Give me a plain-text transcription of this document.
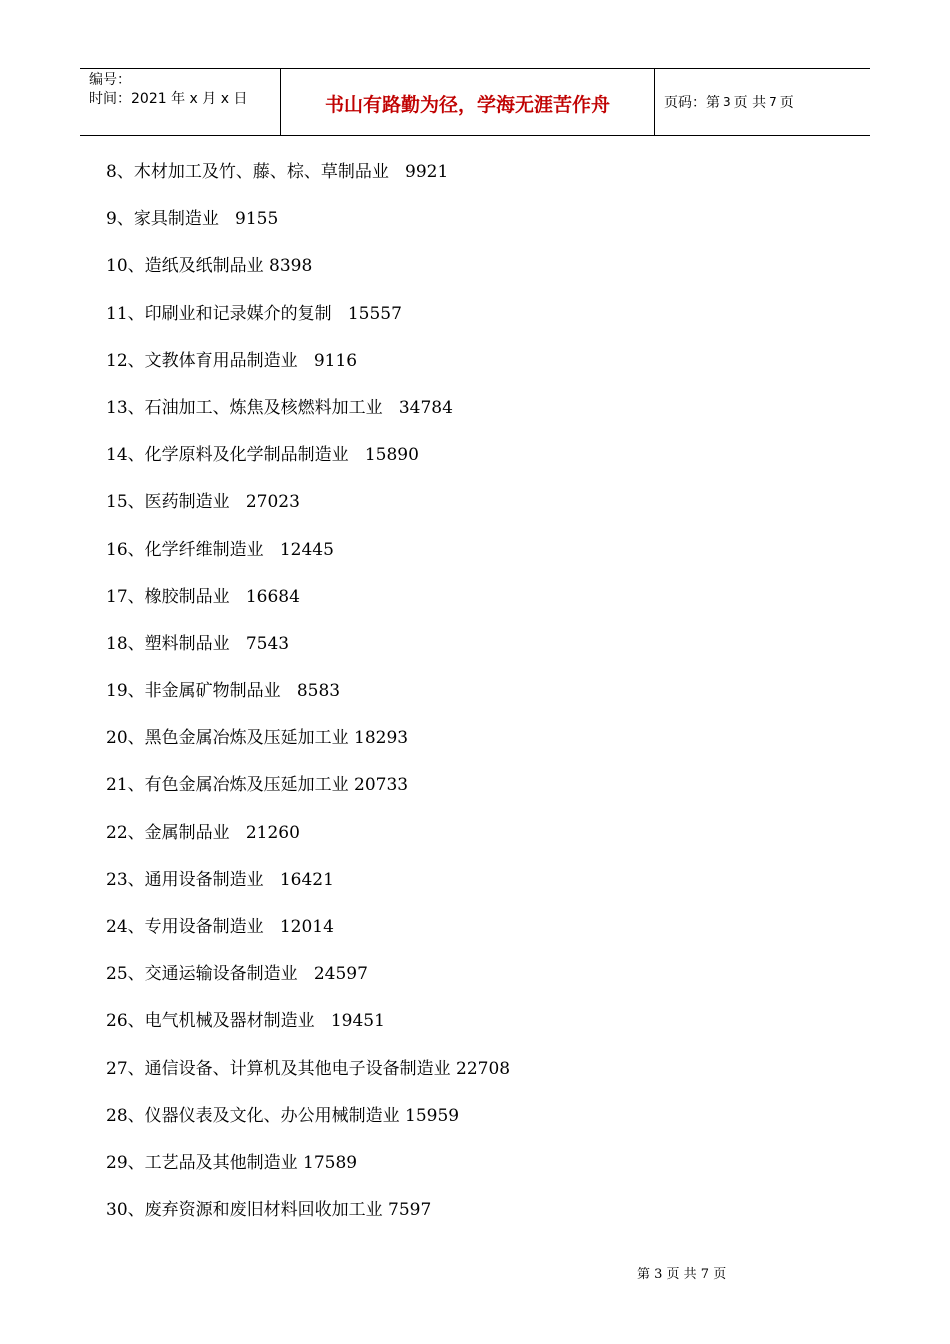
编号：
时间：2021 年 x 月 x 日	书山有路勤为径，学海无涯苦作舟	页码：第 3 页 共 7 页
8、木材加工及竹、藤、棕、草制品业   9921
9、家具制造业   9155
10、造纸及纸制品业 8398
11、印刷业和记录媒介的复制   15557
12、文教体育用品制造业   9116
13、石油加工、炼焦及核燃料加工业   34784
14、化学原料及化学制品制造业   15890
15、医药制造业   27023
16、化学纤维制造业   12445
17、橡胶制品业   16684
18、塑料制品业   7543
19、非金属矿物制品业   8583
20、黑色金属冶炼及压延加工业 18293
21、有色金属冶炼及压延加工业 20733
22、金属制品业   21260
23、通用设备制造业   16421
24、专用设备制造业   12014
25、交通运输设备制造业   24597
26、电气机械及器材制造业   19451
27、通信设备、计算机及其他电子设备制造业 22708
28、仪器仪表及文化、办公用械制造业 15959
29、工艺品及其他制造业 17589
30、废弃资源和废旧材料回收加工业 7597
第 3 页 共 7 页
